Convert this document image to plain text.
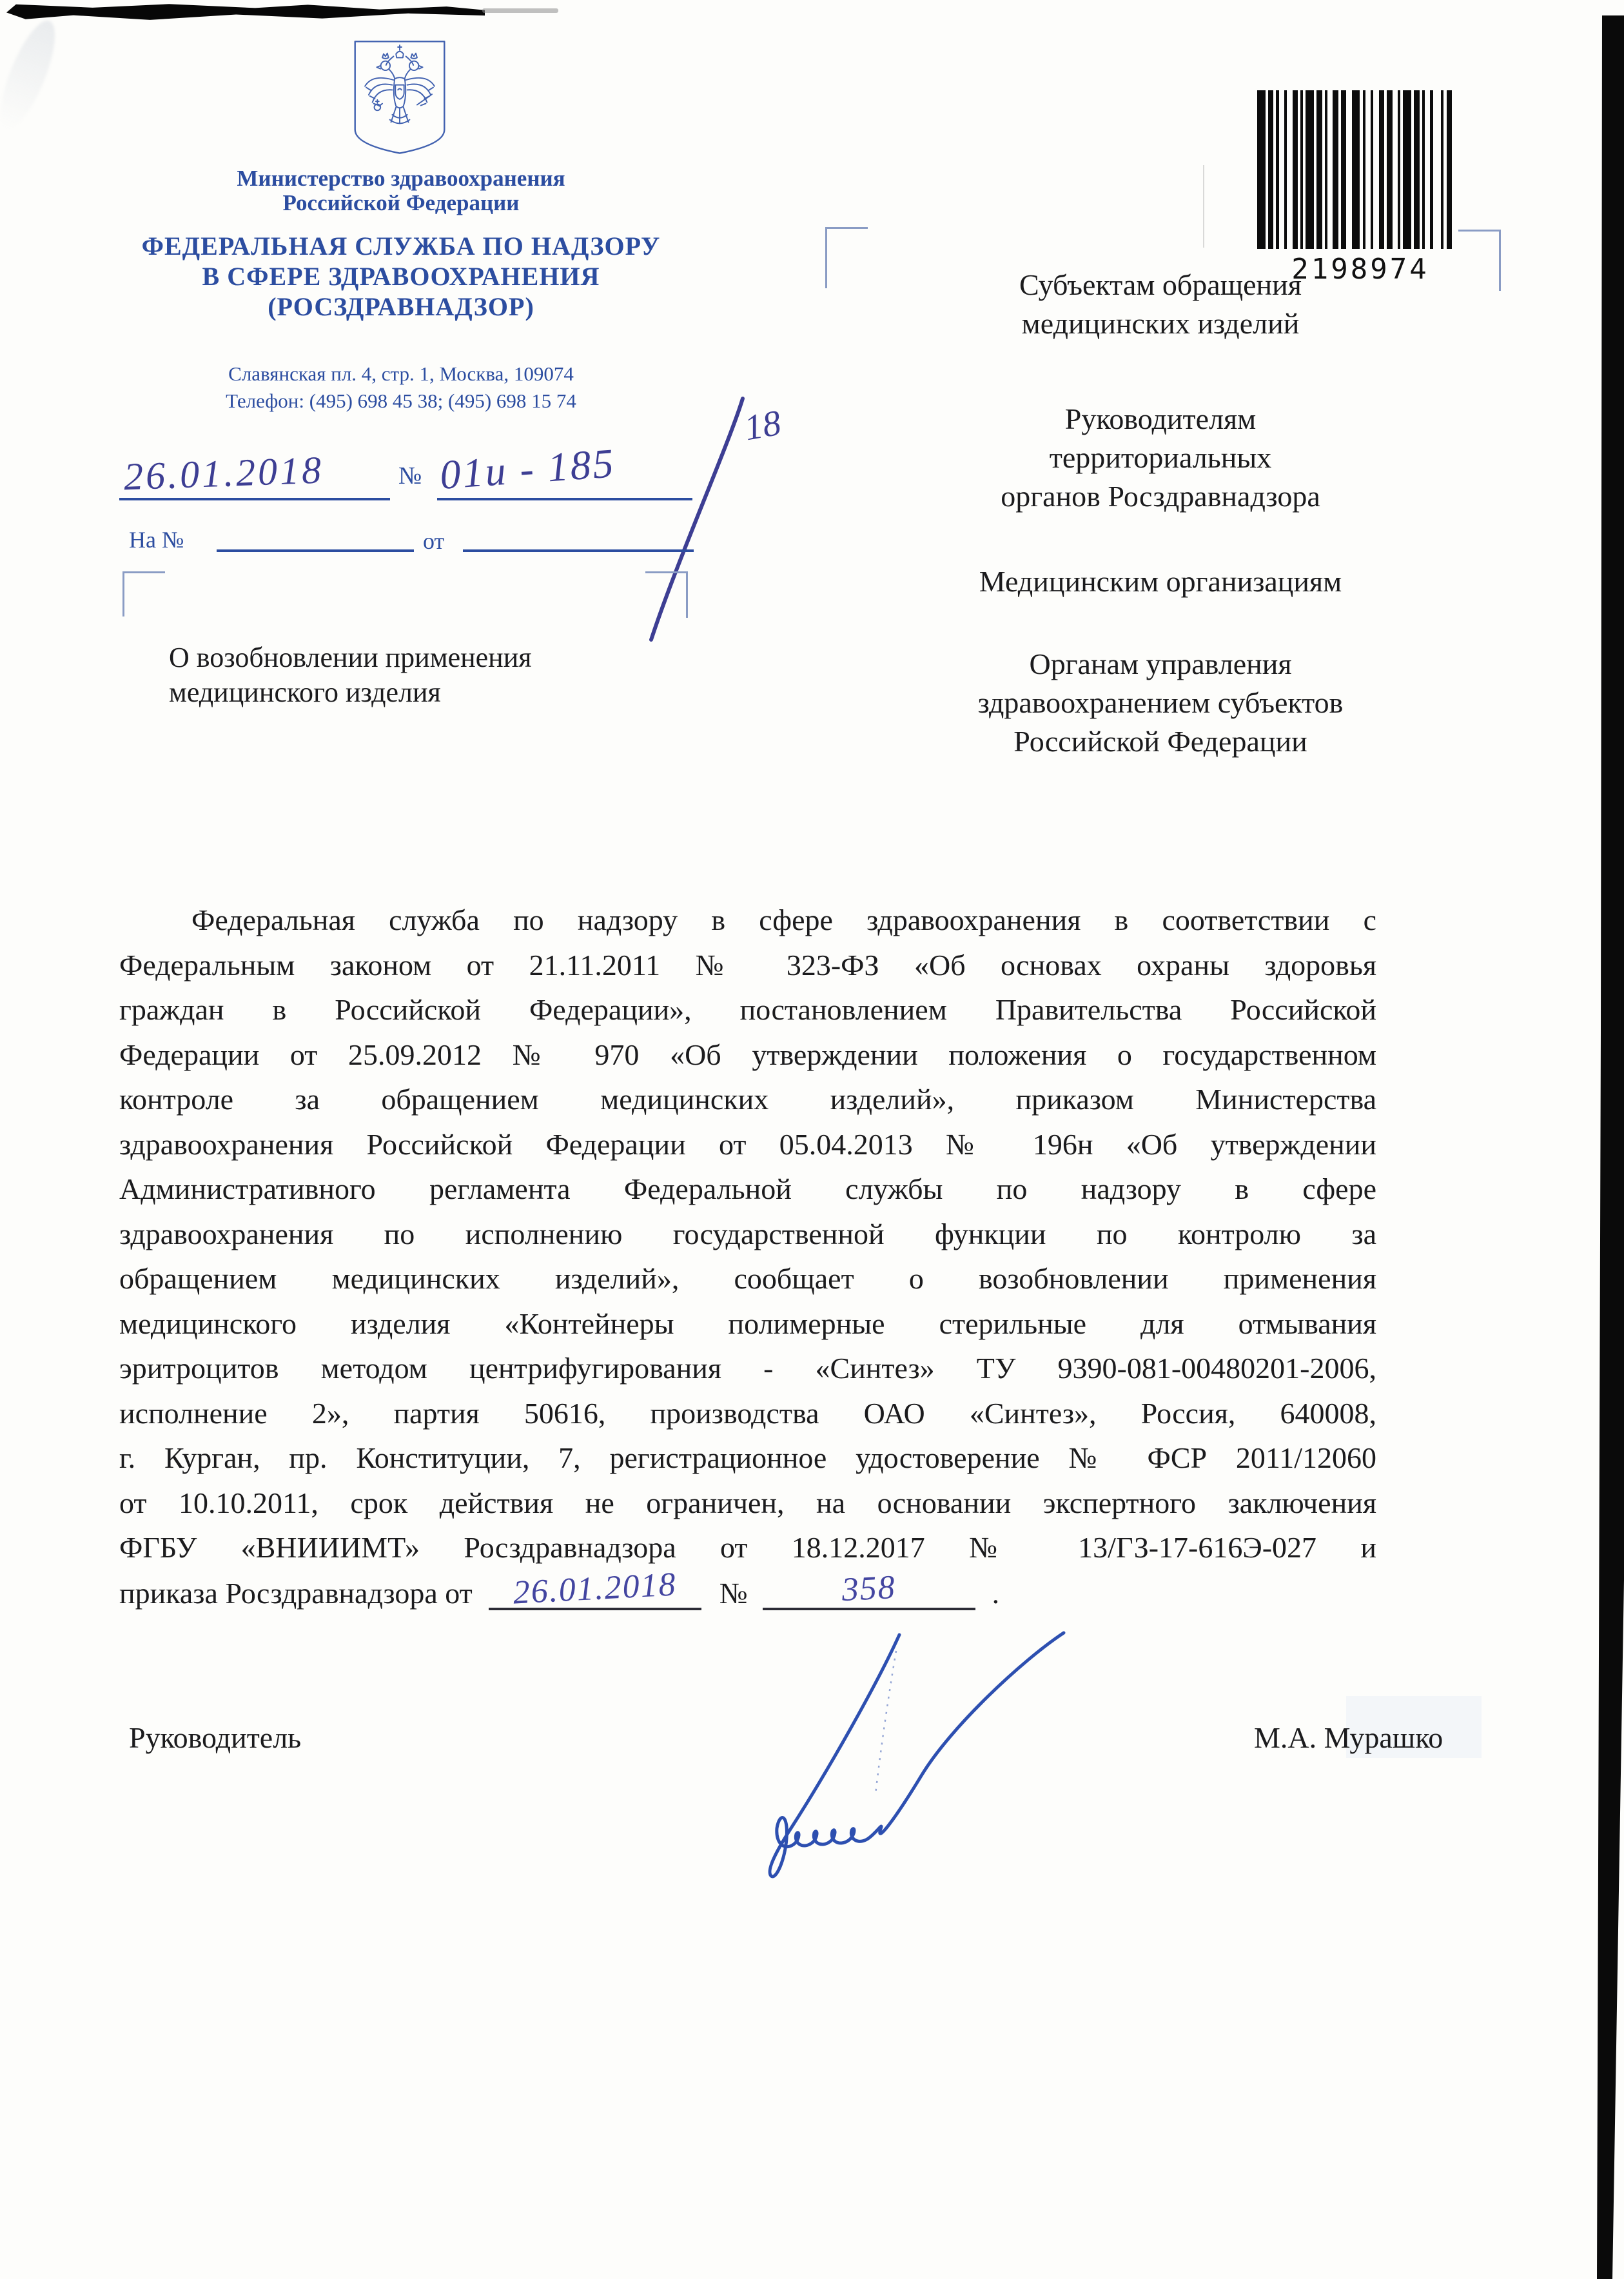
Министерство здравоохранения
Российской Федерации
ФЕДЕРАЛЬНАЯ СЛУЖБА ПО НАДЗОРУ
В СФЕРЕ ЗДРАВООХРАНЕНИЯ
(РОСЗДРАВНАДЗОР)
Славянская пл. 4, стр. 1, Москва, 109074
Телефон: (495) 698 45 38; (495) 698 15 74
26.01.2018	№ 01и - 185
18
На №	от
О возобновлении применения
медицинского изделия
2198974
Субъектам обращения
медицинских изделий
Руководителям
территориальных
органов Росздравнадзора
Медицинским организациям
Органам управления
здравоохранением субъектов
Российской Федерации
Федеральная служба по надзору в сфере здравоохранения в соответствии с
Федеральным законом от 21.11.2011 № 323-ФЗ «Об основах охраны здоровья
граждан в Российской Федерации», постановлением Правительства Российской
Федерации от 25.09.2012 № 970 «Об утверждении положения о государственном
контроле за обращением медицинских изделий», приказом Министерства
здравоохранения Российской Федерации от 05.04.2013 № 196н «Об утверждении
Административного регламента Федеральной службы по надзору в сфере
здравоохранения по исполнению государственной функции по контролю за
обращением медицинских изделий», сообщает о возобновлении применения
медицинского изделия «Контейнеры полимерные стерильные для отмывания
эритроцитов методом центрифугирования - «Синтез» ТУ 9390-081-00480201-2006,
исполнение 2», партия 50616, производства ОАО «Синтез», Россия, 640008,
г. Курган, пр. Конституции, 7, регистрационное удостоверение № ФСР 2011/12060
от 10.10.2011, срок действия не ограничен, на основании экспертного заключения
ФГБУ «ВНИИИМТ» Росздравнадзора от 18.12.2017 № 13/ГЗ-17-616Э-027 и
приказа Росздравнадзора от 26.01.2018 №	358	.
Руководитель	М.А. Мурашко
